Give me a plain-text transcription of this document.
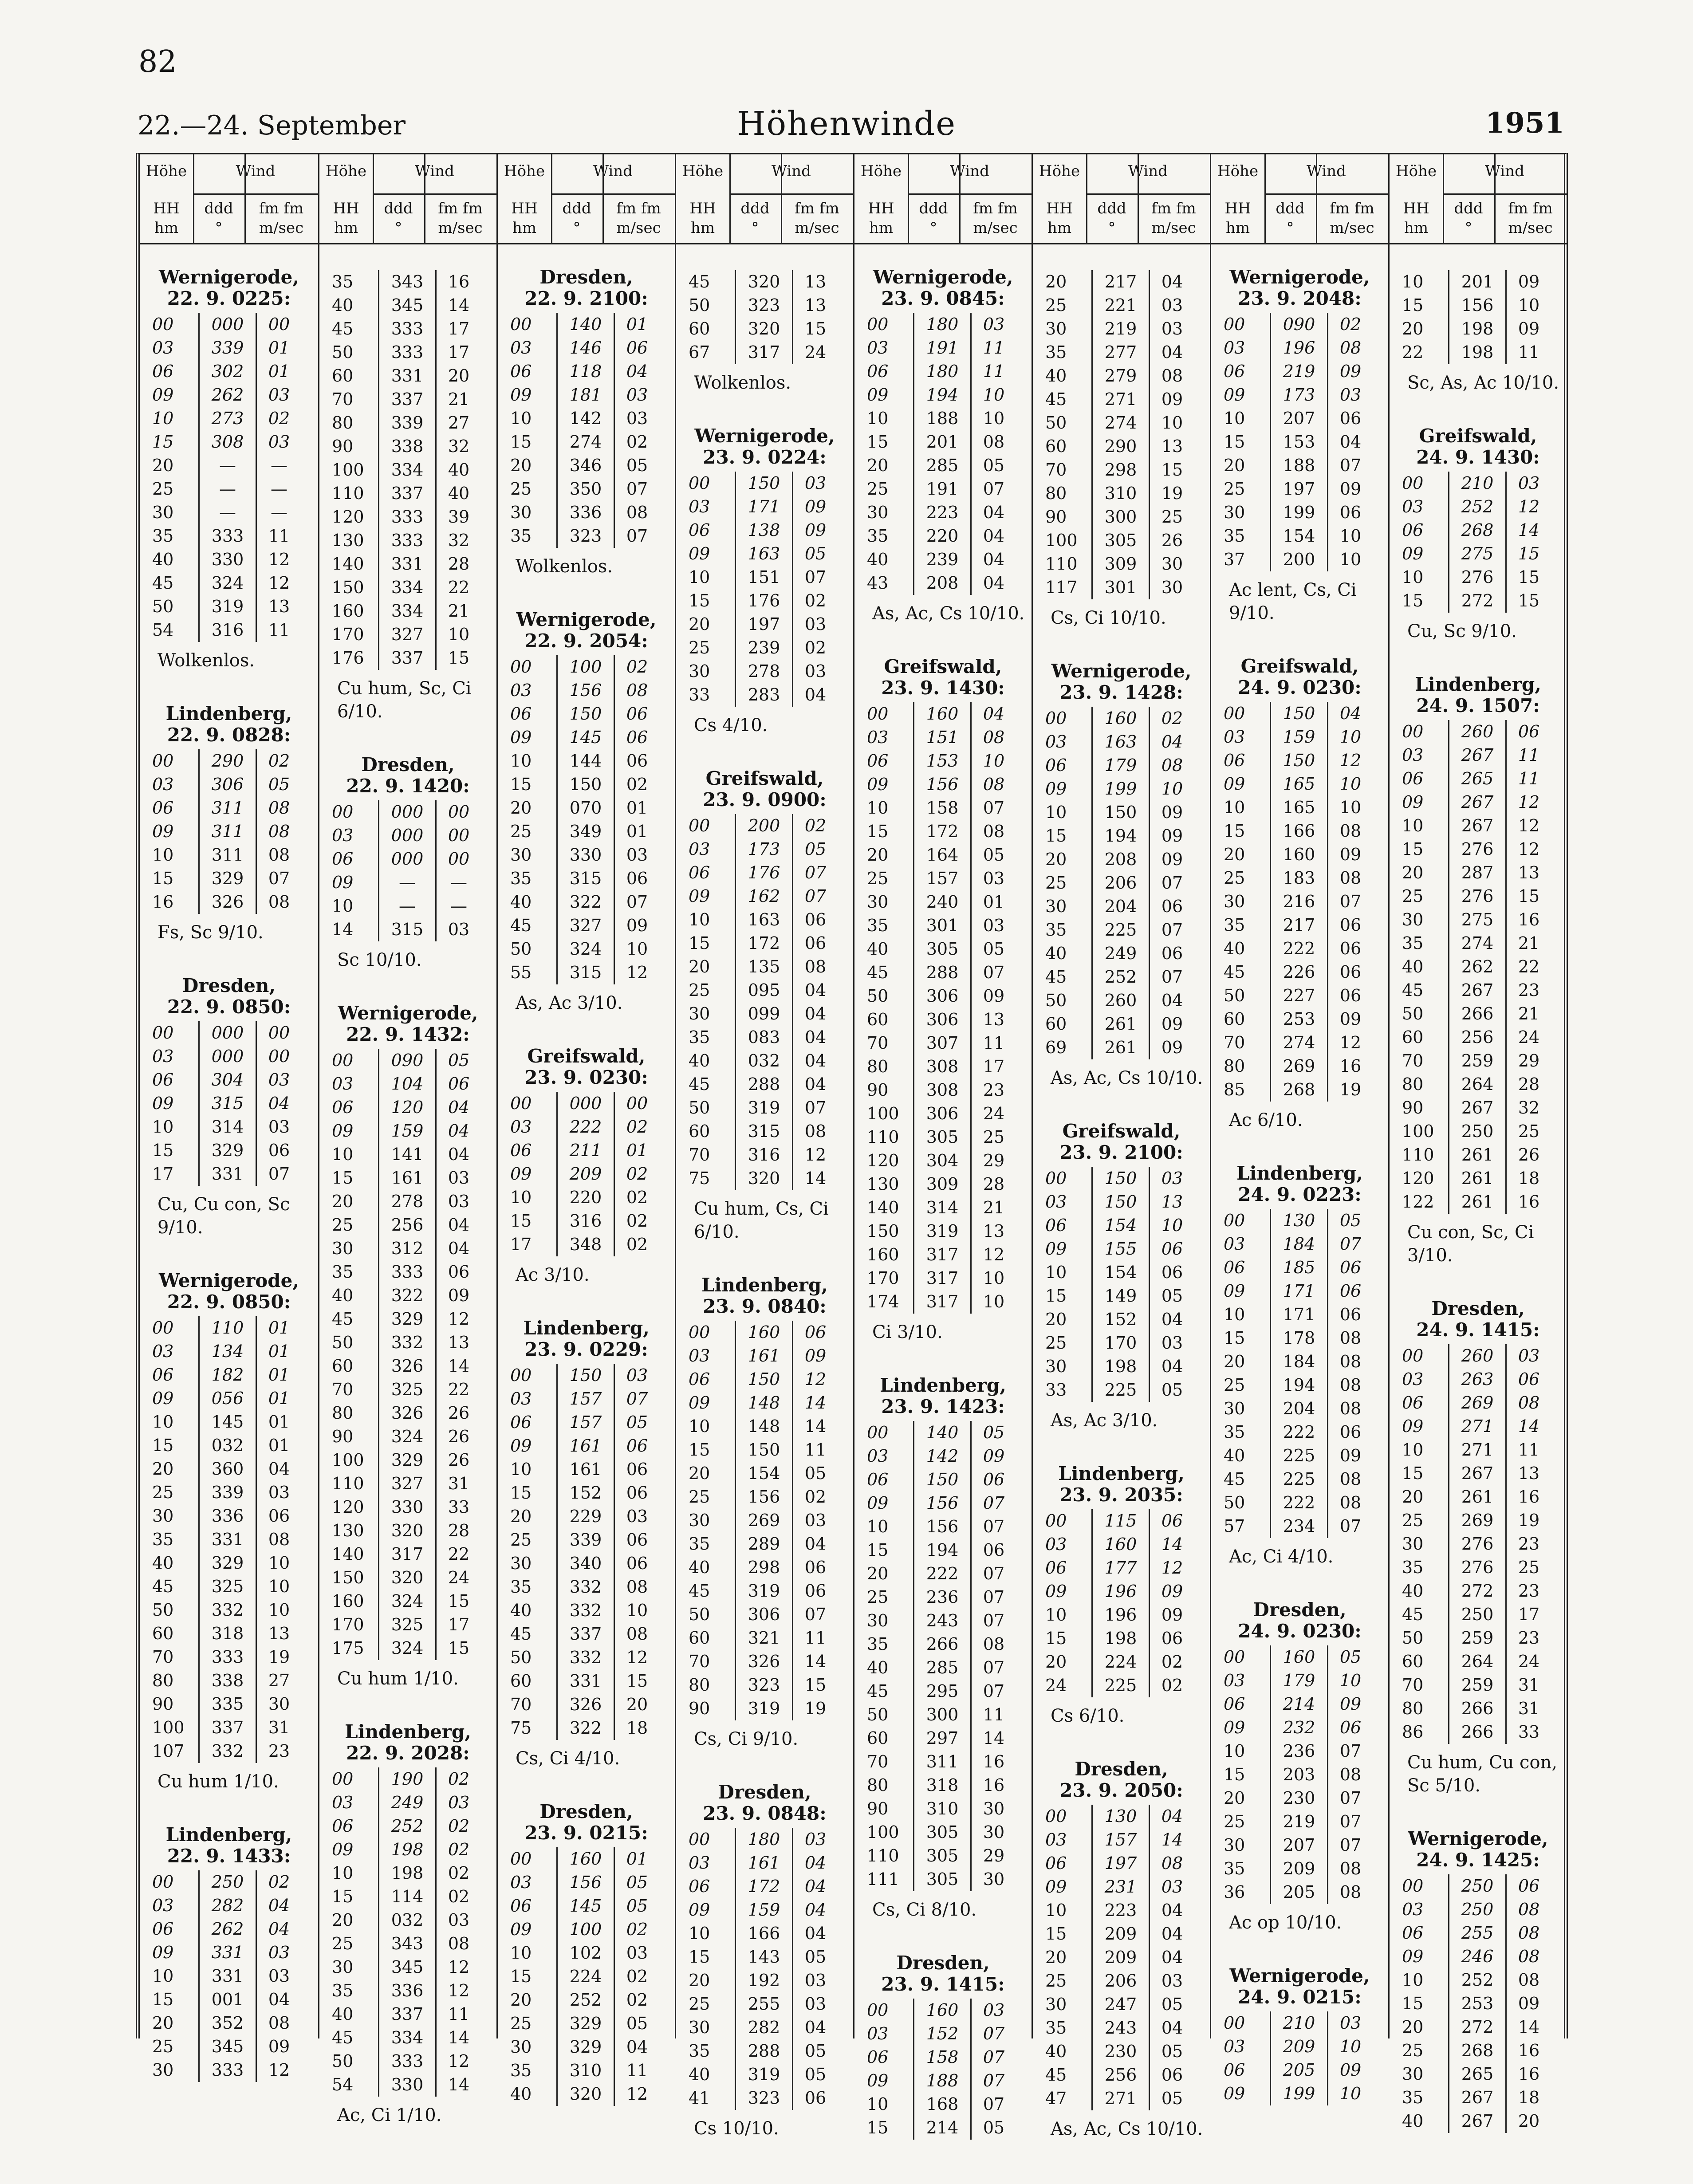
82
22.—24. September	Höhenwinde	1951
Höhe
HH
hm
Wind
ddd
°
fm fm
m/sec
Wernigerode,
22. 9. 0225:
00	000	00
03	339	01
06	302	01
09	262	03
10	273	02
15	308	03
20	—	—
25	—	—
30	—	—
35	333	11
40	330	12
45	324	12
50	319	13
54	316	11
Wolkenlos.
Lindenberg,
22. 9. 0828:
00	290	02
03	306	05
06	311	08
09	311	08
10	311	08
15	329	07
16	326	08
Fs, Sc 9/10.
Dresden,
22. 9. 0850:
00	000	00
03	000	00
06	304	03
09	315	04
10	314	03
15	329	06
17	331	07
Cu, Cu con, Sc
9/10.
Wernigerode,
22. 9. 0850:
00	110	01
03	134	01
06	182	01
09	056	01
10	145	01
15	032	01
20	360	04
25	339	03
30	336	06
35	331	08
40	329	10
45	325	10
50	332	10
60	318	13
70	333	19
80	338	27
90	335	30
100	337	31
107	332	23
Cu hum 1/10.
Lindenberg,
22. 9. 1433:
00	250	02
03	282	04
06	262	04
09	331	03
10	331	03
15	001	04
20	352	08
25	345	09
30	333	12
Höhe
HH
hm
Wind
ddd
°
fm fm
m/sec
35	343	16
40	345	14
45	333	17
50	333	17
60	331	20
70	337	21
80	339	27
90	338	32
100	334	40
110	337	40
120	333	39
130	333	32
140	331	28
150	334	22
160	334	21
170	327	10
176	337	15
Cu hum, Sc, Ci
6/10.
Dresden,
22. 9. 1420:
00	000	00
03	000	00
06	000	00
09	—	—
10	—	—
14	315	03
Sc 10/10.
Wernigerode,
22. 9. 1432:
00	090	05
03	104	06
06	120	04
09	159	04
10	141	04
15	161	03
20	278	03
25	256	04
30	312	04
35	333	06
40	322	09
45	329	12
50	332	13
60	326	14
70	325	22
80	326	26
90	324	26
100	329	26
110	327	31
120	330	33
130	320	28
140	317	22
150	320	24
160	324	15
170	325	17
175	324	15
Cu hum 1/10.
Lindenberg,
22. 9. 2028:
00	190	02
03	249	03
06	252	02
09	198	02
10	198	02
15	114	02
20	032	03
25	343	08
30	345	12
35	336	12
40	337	11
45	334	14
50	333	12
54	330	14
Ac, Ci 1/10.
Höhe
HH
hm
Wind
ddd
°
fm fm
m/sec
Dresden,
22. 9. 2100:
00	140	01
03	146	06
06	118	04
09	181	03
10	142	03
15	274	02
20	346	05
25	350	07
30	336	08
35	323	07
Wolkenlos.
Wernigerode,
22. 9. 2054:
00	100	02
03	156	08
06	150	06
09	145	06
10	144	06
15	150	02
20	070	01
25	349	01
30	330	03
35	315	06
40	322	07
45	327	09
50	324	10
55	315	12
As, Ac 3/10.
Greifswald,
23. 9. 0230:
00	000	00
03	222	02
06	211	01
09	209	02
10	220	02
15	316	02
17	348	02
Ac 3/10.
Lindenberg,
23. 9. 0229:
00	150	03
03	157	07
06	157	05
09	161	06
10	161	06
15	152	06
20	229	03
25	339	06
30	340	06
35	332	08
40	332	10
45	337	08
50	332	12
60	331	15
70	326	20
75	322	18
Cs, Ci 4/10.
Dresden,
23. 9. 0215:
00	160	01
03	156	05
06	145	05
09	100	02
10	102	03
15	224	02
20	252	02
25	329	05
30	329	04
35	310	11
40	320	12
Höhe
HH
hm
Wind
ddd
°
fm fm
m/sec
45	320	13
50	323	13
60	320	15
67	317	24
Wolkenlos.
Wernigerode,
23. 9. 0224:
00	150	03
03	171	09
06	138	09
09	163	05
10	151	07
15	176	02
20	197	03
25	239	02
30	278	03
33	283	04
Cs 4/10.
Greifswald,
23. 9. 0900:
00	200	02
03	173	05
06	176	07
09	162	07
10	163	06
15	172	06
20	135	08
25	095	04
30	099	04
35	083	04
40	032	04
45	288	04
50	319	07
60	315	08
70	316	12
75	320	14
Cu hum, Cs, Ci
6/10.
Lindenberg,
23. 9. 0840:
00	160	06
03	161	09
06	150	12
09	148	14
10	148	14
15	150	11
20	154	05
25	156	02
30	269	03
35	289	04
40	298	06
45	319	06
50	306	07
60	321	11
70	326	14
80	323	15
90	319	19
Cs, Ci 9/10.
Dresden,
23. 9. 0848:
00	180	03
03	161	04
06	172	04
09	159	04
10	166	04
15	143	05
20	192	03
25	255	03
30	282	04
35	288	05
40	319	05
41	323	06
Cs 10/10.
Höhe
HH
hm
Wind
ddd
°
fm fm
m/sec
Wernigerode,
23. 9. 0845:
00	180	03
03	191	11
06	180	11
09	194	10
10	188	10
15	201	08
20	285	05
25	191	07
30	223	04
35	220	04
40	239	04
43	208	04
As, Ac, Cs 10/10.
Greifswald,
23. 9. 1430:
00	160	04
03	151	08
06	153	10
09	156	08
10	158	07
15	172	08
20	164	05
25	157	03
30	240	01
35	301	03
40	305	05
45	288	07
50	306	09
60	306	13
70	307	11
80	308	17
90	308	23
100	306	24
110	305	25
120	304	29
130	309	28
140	314	21
150	319	13
160	317	12
170	317	10
174	317	10
Ci 3/10.
Lindenberg,
23. 9. 1423:
00	140	05
03	142	09
06	150	06
09	156	07
10	156	07
15	194	06
20	222	07
25	236	07
30	243	07
35	266	08
40	285	07
45	295	07
50	300	11
60	297	14
70	311	16
80	318	16
90	310	30
100	305	30
110	305	29
111	305	30
Cs, Ci 8/10.
Dresden,
23. 9. 1415:
00	160	03
03	152	07
06	158	07
09	188	07
10	168	07
15	214	05
Höhe
HH
hm
Wind
ddd
°
fm fm
m/sec
20	217	04
25	221	03
30	219	03
35	277	04
40	279	08
45	271	09
50	274	10
60	290	13
70	298	15
80	310	19
90	300	25
100	305	26
110	309	30
117	301	30
Cs, Ci 10/10.
Wernigerode,
23. 9. 1428:
00	160	02
03	163	04
06	179	08
09	199	10
10	150	09
15	194	09
20	208	09
25	206	07
30	204	06
35	225	07
40	249	06
45	252	07
50	260	04
60	261	09
69	261	09
As, Ac, Cs 10/10.
Greifswald,
23. 9. 2100:
00	150	03
03	150	13
06	154	10
09	155	06
10	154	06
15	149	05
20	152	04
25	170	03
30	198	04
33	225	05
As, Ac 3/10.
Lindenberg,
23. 9. 2035:
00	115	06
03	160	14
06	177	12
09	196	09
10	196	09
15	198	06
20	224	02
24	225	02
Cs 6/10.
Dresden,
23. 9. 2050:
00	130	04
03	157	14
06	197	08
09	231	03
10	223	04
15	209	04
20	209	04
25	206	03
30	247	05
35	243	04
40	230	05
45	256	06
47	271	05
As, Ac, Cs 10/10.
Höhe
HH
hm
Wind
ddd
°
fm fm
m/sec
Wernigerode,
23. 9. 2048:
00	090	02
03	196	08
06	219	09
09	173	03
10	207	06
15	153	04
20	188	07
25	197	09
30	199	06
35	154	10
37	200	10
Ac lent, Cs, Ci
9/10.
Greifswald,
24. 9. 0230:
00	150	04
03	159	10
06	150	12
09	165	10
10	165	10
15	166	08
20	160	09
25	183	08
30	216	07
35	217	06
40	222	06
45	226	06
50	227	06
60	253	09
70	274	12
80	269	16
85	268	19
Ac 6/10.
Lindenberg,
24. 9. 0223:
00	130	05
03	184	07
06	185	06
09	171	06
10	171	06
15	178	08
20	184	08
25	194	08
30	204	08
35	222	06
40	225	09
45	225	08
50	222	08
57	234	07
Ac, Ci 4/10.
Dresden,
24. 9. 0230:
00	160	05
03	179	10
06	214	09
09	232	06
10	236	07
15	203	08
20	230	07
25	219	07
30	207	07
35	209	08
36	205	08
Ac op 10/10.
Wernigerode,
24. 9. 0215:
00	210	03
03	209	10
06	205	09
09	199	10
Höhe
HH
hm
Wind
ddd
°
fm fm
m/sec
10	201	09
15	156	10
20	198	09
22	198	11
Sc, As, Ac 10/10.
Greifswald,
24. 9. 1430:
00	210	03
03	252	12
06	268	14
09	275	15
10	276	15
15	272	15
Cu, Sc 9/10.
Lindenberg,
24. 9. 1507:
00	260	06
03	267	11
06	265	11
09	267	12
10	267	12
15	276	12
20	287	13
25	276	15
30	275	16
35	274	21
40	262	22
45	267	23
50	266	21
60	256	24
70	259	29
80	264	28
90	267	32
100	250	25
110	261	26
120	261	18
122	261	16
Cu con, Sc, Ci
3/10.
Dresden,
24. 9. 1415:
00	260	03
03	263	06
06	269	08
09	271	14
10	271	11
15	267	13
20	261	16
25	269	19
30	276	23
35	276	25
40	272	23
45	250	17
50	259	23
60	264	24
70	259	31
80	266	31
86	266	33
Cu hum, Cu con,
Sc 5/10.
Wernigerode,
24. 9. 1425:
00	250	06
03	250	08
06	255	08
09	246	08
10	252	08
15	253	09
20	272	14
25	268	16
30	265	16
35	267	18
40	267	20
